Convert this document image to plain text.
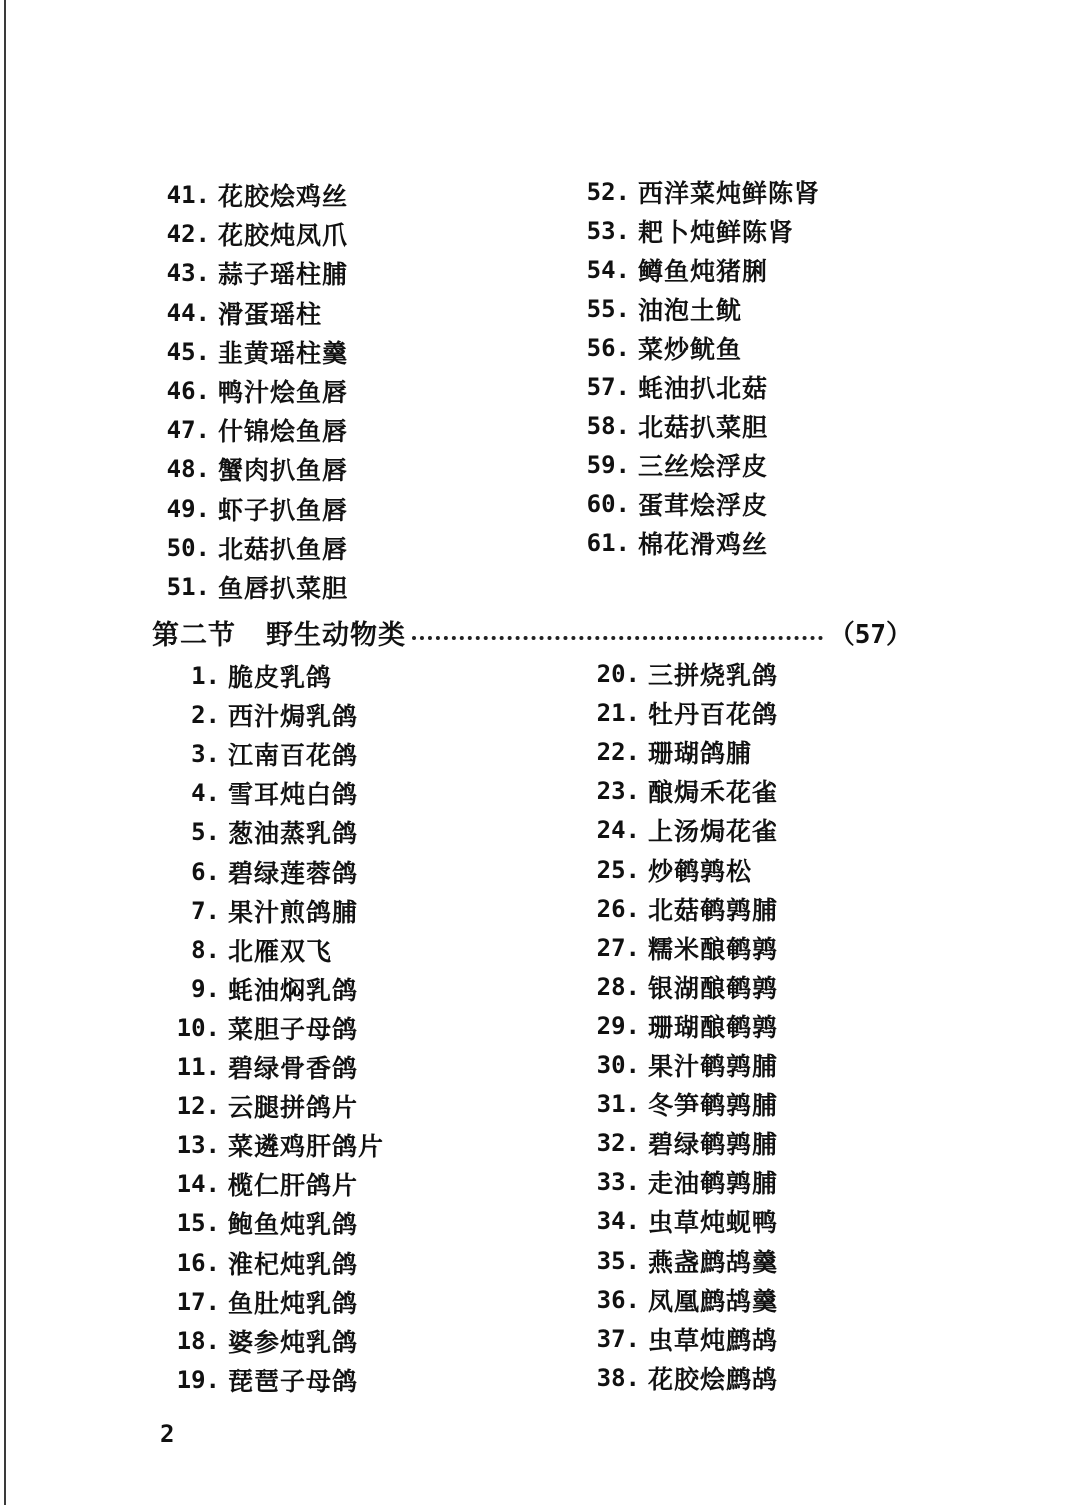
41. 花胶烩鸡丝
42. 花胶炖凤爪
43. 蒜子瑶柱脯
44. 滑蛋瑶柱
45. 韭黄瑶柱羹
46. 鸭汁烩鱼唇
47. 什锦烩鱼唇
48. 蟹肉扒鱼唇
49. 虾子扒鱼唇
50. 北菇扒鱼唇
51. 鱼唇扒菜胆
52. 西洋菜炖鲜陈肾
53. 耙卜炖鲜陈肾
54. 鳟鱼炖猪脷
55. 油泡土鱿
56. 菜炒鱿鱼
57. 蚝油扒北菇
58. 北菇扒菜胆
59. 三丝烩浮皮
60. 蛋茸烩浮皮
61. 棉花滑鸡丝
第二节 野生动物类	（57）
1. 脆皮乳鸽
2. 西汁焗乳鸽
3. 江南百花鸽
4. 雪耳炖白鸽
5. 葱油蒸乳鸽
6. 碧绿莲蓉鸽
7. 果汁煎鸽脯
8. 北雁双飞
9. 蚝油焖乳鸽
10. 菜胆子母鸽
11. 碧绿骨香鸽
12. 云腿拼鸽片
13. 菜遴鸡肝鸽片
14. 榄仁肝鸽片
15. 鲍鱼炖乳鸽
16. 淮杞炖乳鸽
17. 鱼肚炖乳鸽
18. 婆参炖乳鸽
19. 琵琶子母鸽
20. 三拼烧乳鸽
21. 牡丹百花鸽
22. 珊瑚鸽脯
23. 酿焗禾花雀
24. 上汤焗花雀
25. 炒鹌鹑松
26. 北菇鹌鹑脯
27. 糯米酿鹌鹑
28. 银湖酿鹌鹑
29. 珊瑚酿鹌鹑
30. 果汁鹌鹑脯
31. 冬笋鹌鹑脯
32. 碧绿鹌鹑脯
33. 走油鹌鹑脯
34. 虫草炖蚬鸭
35. 燕盏鹧鸪羹
36. 凤凰鹧鸪羹
37. 虫草炖鹧鸪
38. 花胶烩鹧鸪
2
